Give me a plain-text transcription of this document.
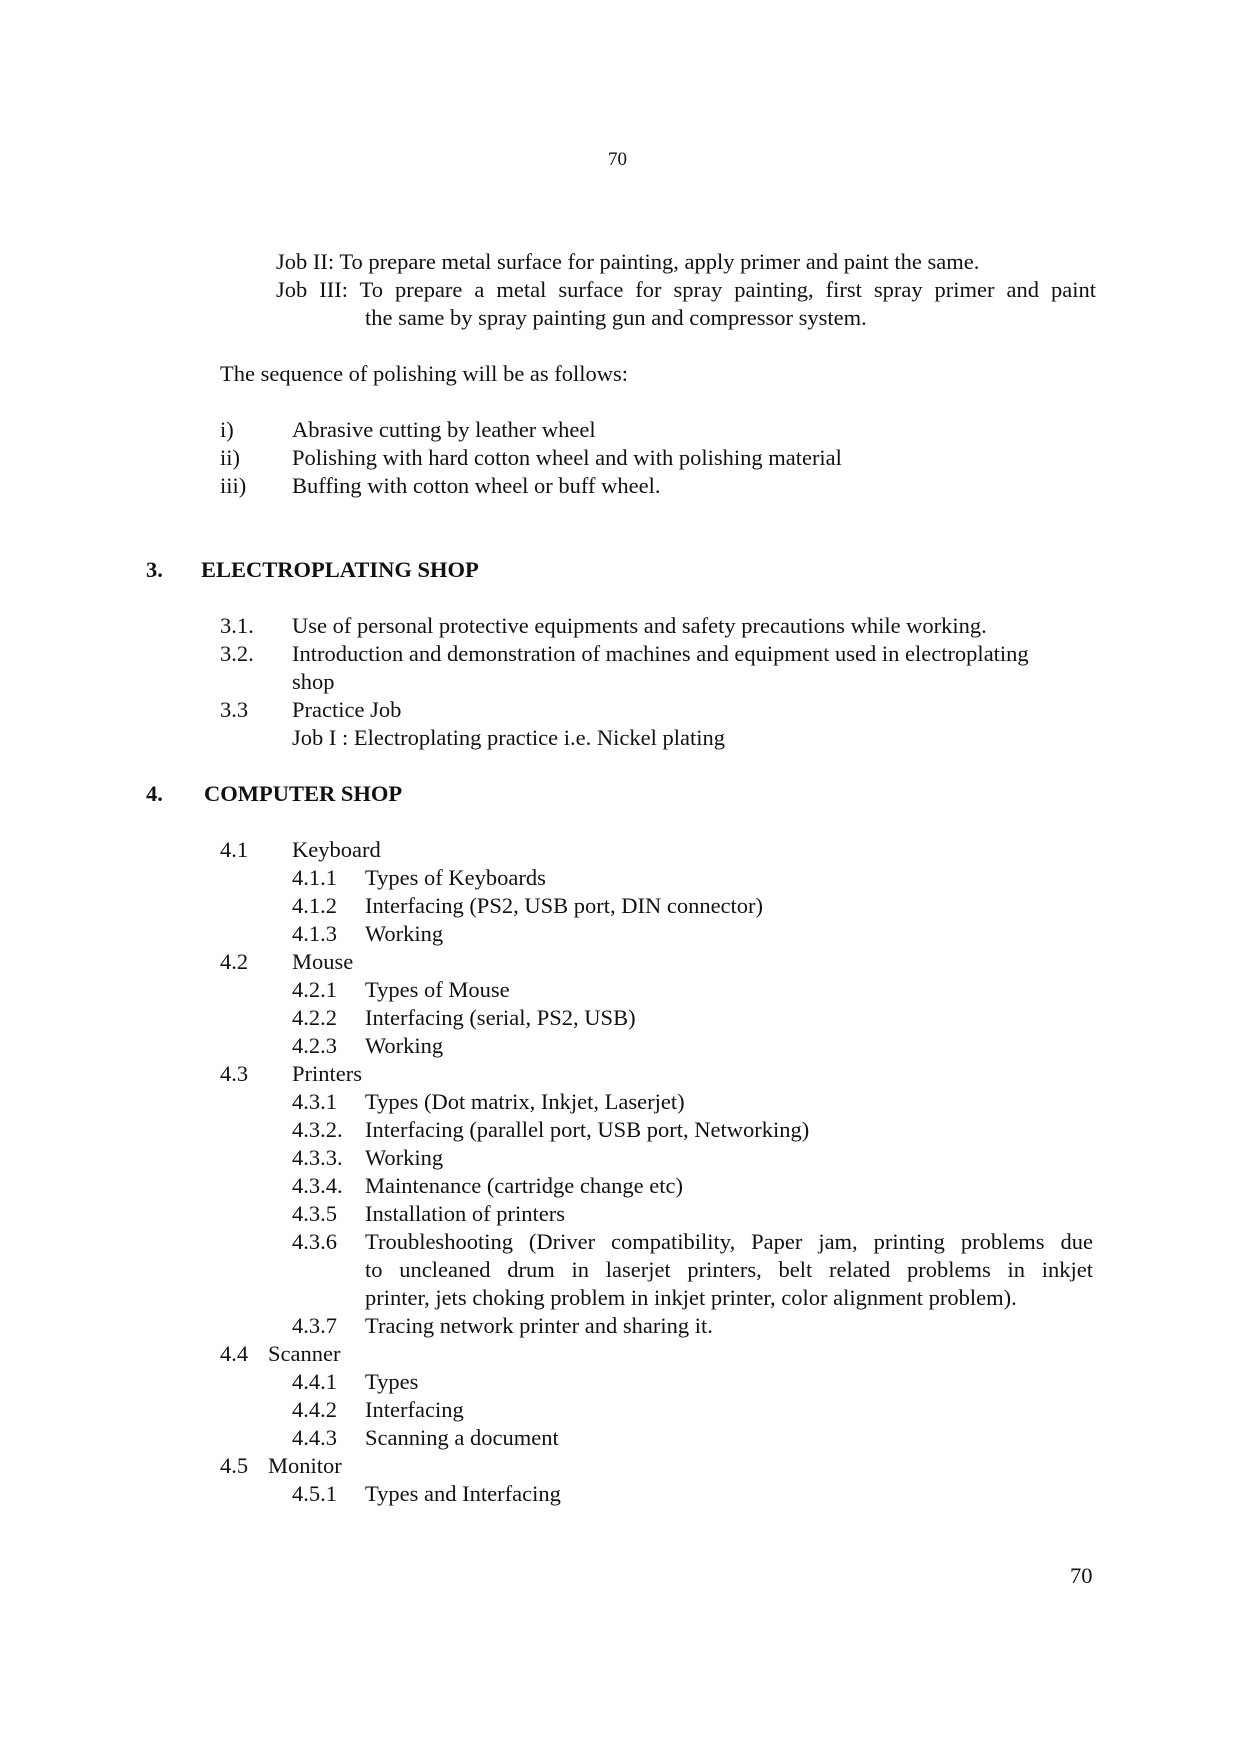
70
Job II: To prepare metal surface for painting, apply primer and paint the same.
Job III: To prepare a metal surface for spray painting, first spray primer and paint
the same by spray painting gun and compressor system.
The sequence of polishing will be as follows:
i)	Abrasive cutting by leather wheel
ii) Polishing with hard cotton wheel and with polishing material
iii) Buffing with cotton wheel or buff wheel.
3. ELECTROPLATING SHOP
3.1. Use of personal protective equipments and safety precautions while working.
3.2. Introduction and demonstration of machines and equipment used in electroplating
shop
3.3 Practice Job
Job I : Electroplating practice i.e. Nickel plating
4. COMPUTER SHOP
4.1 Keyboard
4.1.1 Types of Keyboards
4.1.2 Interfacing (PS2, USB port, DIN connector)
4.1.3 Working
4.2 Mouse
4.2.1 Types of Mouse
4.2.2 Interfacing (serial, PS2, USB)
4.2.3 Working
4.3 Printers
4.3.1 Types (Dot matrix, Inkjet, Laserjet)
4.3.2. Interfacing (parallel port, USB port, Networking)
4.3.3. Working
4.3.4. Maintenance (cartridge change etc)
4.3.5 Installation of printers
4.3.6 Troubleshooting (Driver compatibility, Paper jam, printing problems due
to uncleaned drum in laserjet printers, belt related problems in inkjet
printer, jets choking problem in inkjet printer, color alignment problem).
4.3.7 Tracing network printer and sharing it.
4.4 Scanner
4.4.1 Types
4.4.2 Interfacing
4.4.3 Scanning a document
4.5 Monitor
4.5.1 Types and Interfacing
70
